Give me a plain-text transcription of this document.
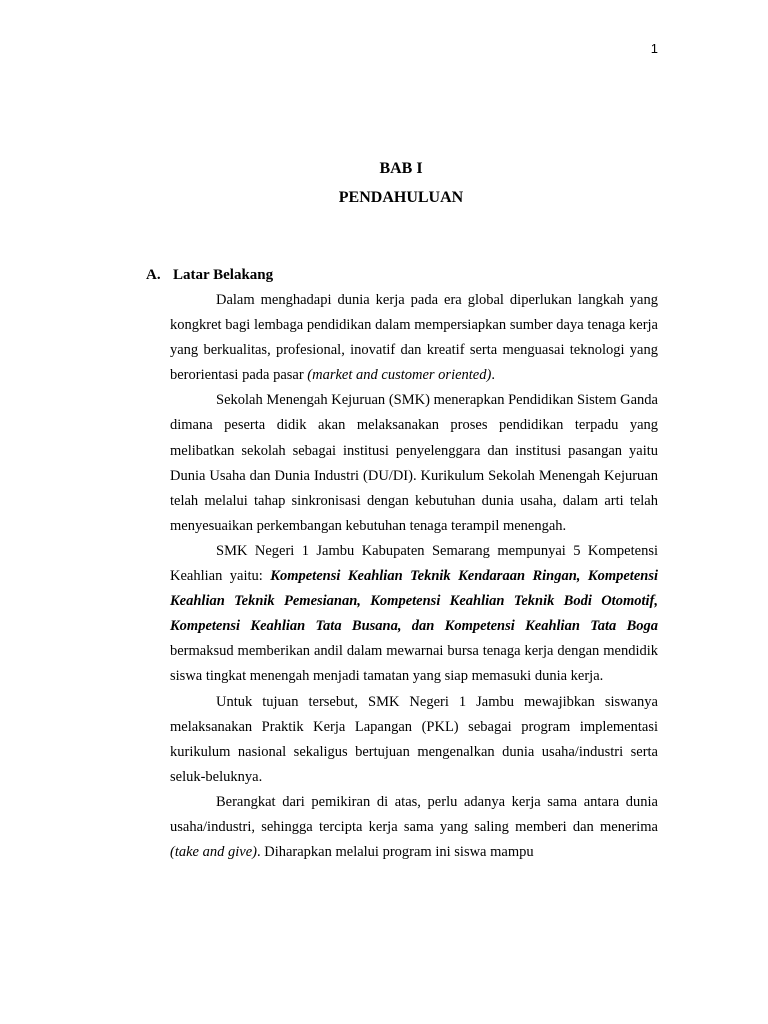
1
BAB I
PENDAHULUAN
A. Latar Belakang

Dalam menghadapi dunia kerja pada era global diperlukan langkah yang kongkret bagi lembaga pendidikan dalam mempersiapkan sumber daya tenaga kerja yang berkualitas, profesional, inovatif dan kreatif serta menguasai teknologi yang berorientasi pada pasar (market and customer oriented).

Sekolah Menengah Kejuruan (SMK) menerapkan Pendidikan Sistem Ganda dimana peserta didik akan melaksanakan proses pendidikan terpadu yang melibatkan sekolah sebagai institusi penyelenggara dan institusi pasangan yaitu Dunia Usaha dan Dunia Industri (DU/DI). Kurikulum Sekolah Menengah Kejuruan telah melalui tahap sinkronisasi dengan kebutuhan dunia usaha, dalam arti telah menyesuaikan perkembangan kebutuhan tenaga terampil menengah.

SMK Negeri 1 Jambu Kabupaten Semarang mempunyai 5 Kompetensi Keahlian yaitu: Kompetensi Keahlian Teknik Kendaraan Ringan, Kompetensi Keahlian Teknik Pemesianan, Kompetensi Keahlian Teknik Bodi Otomotif, Kompetensi Keahlian Tata Busana, dan Kompetensi Keahlian Tata Boga bermaksud memberikan andil dalam mewarnai bursa tenaga kerja dengan mendidik siswa tingkat menengah menjadi tamatan yang siap memasuki dunia kerja.

Untuk tujuan tersebut, SMK Negeri 1 Jambu mewajibkan siswanya melaksanakan Praktik Kerja Lapangan (PKL) sebagai program implementasi kurikulum nasional sekaligus bertujuan mengenalkan dunia usaha/industri serta seluk-beluknya.

Berangkat dari pemikiran di atas, perlu adanya kerja sama antara dunia usaha/industri, sehingga tercipta kerja sama yang saling memberi dan menerima (take and give). Diharapkan melalui program ini siswa mampu
